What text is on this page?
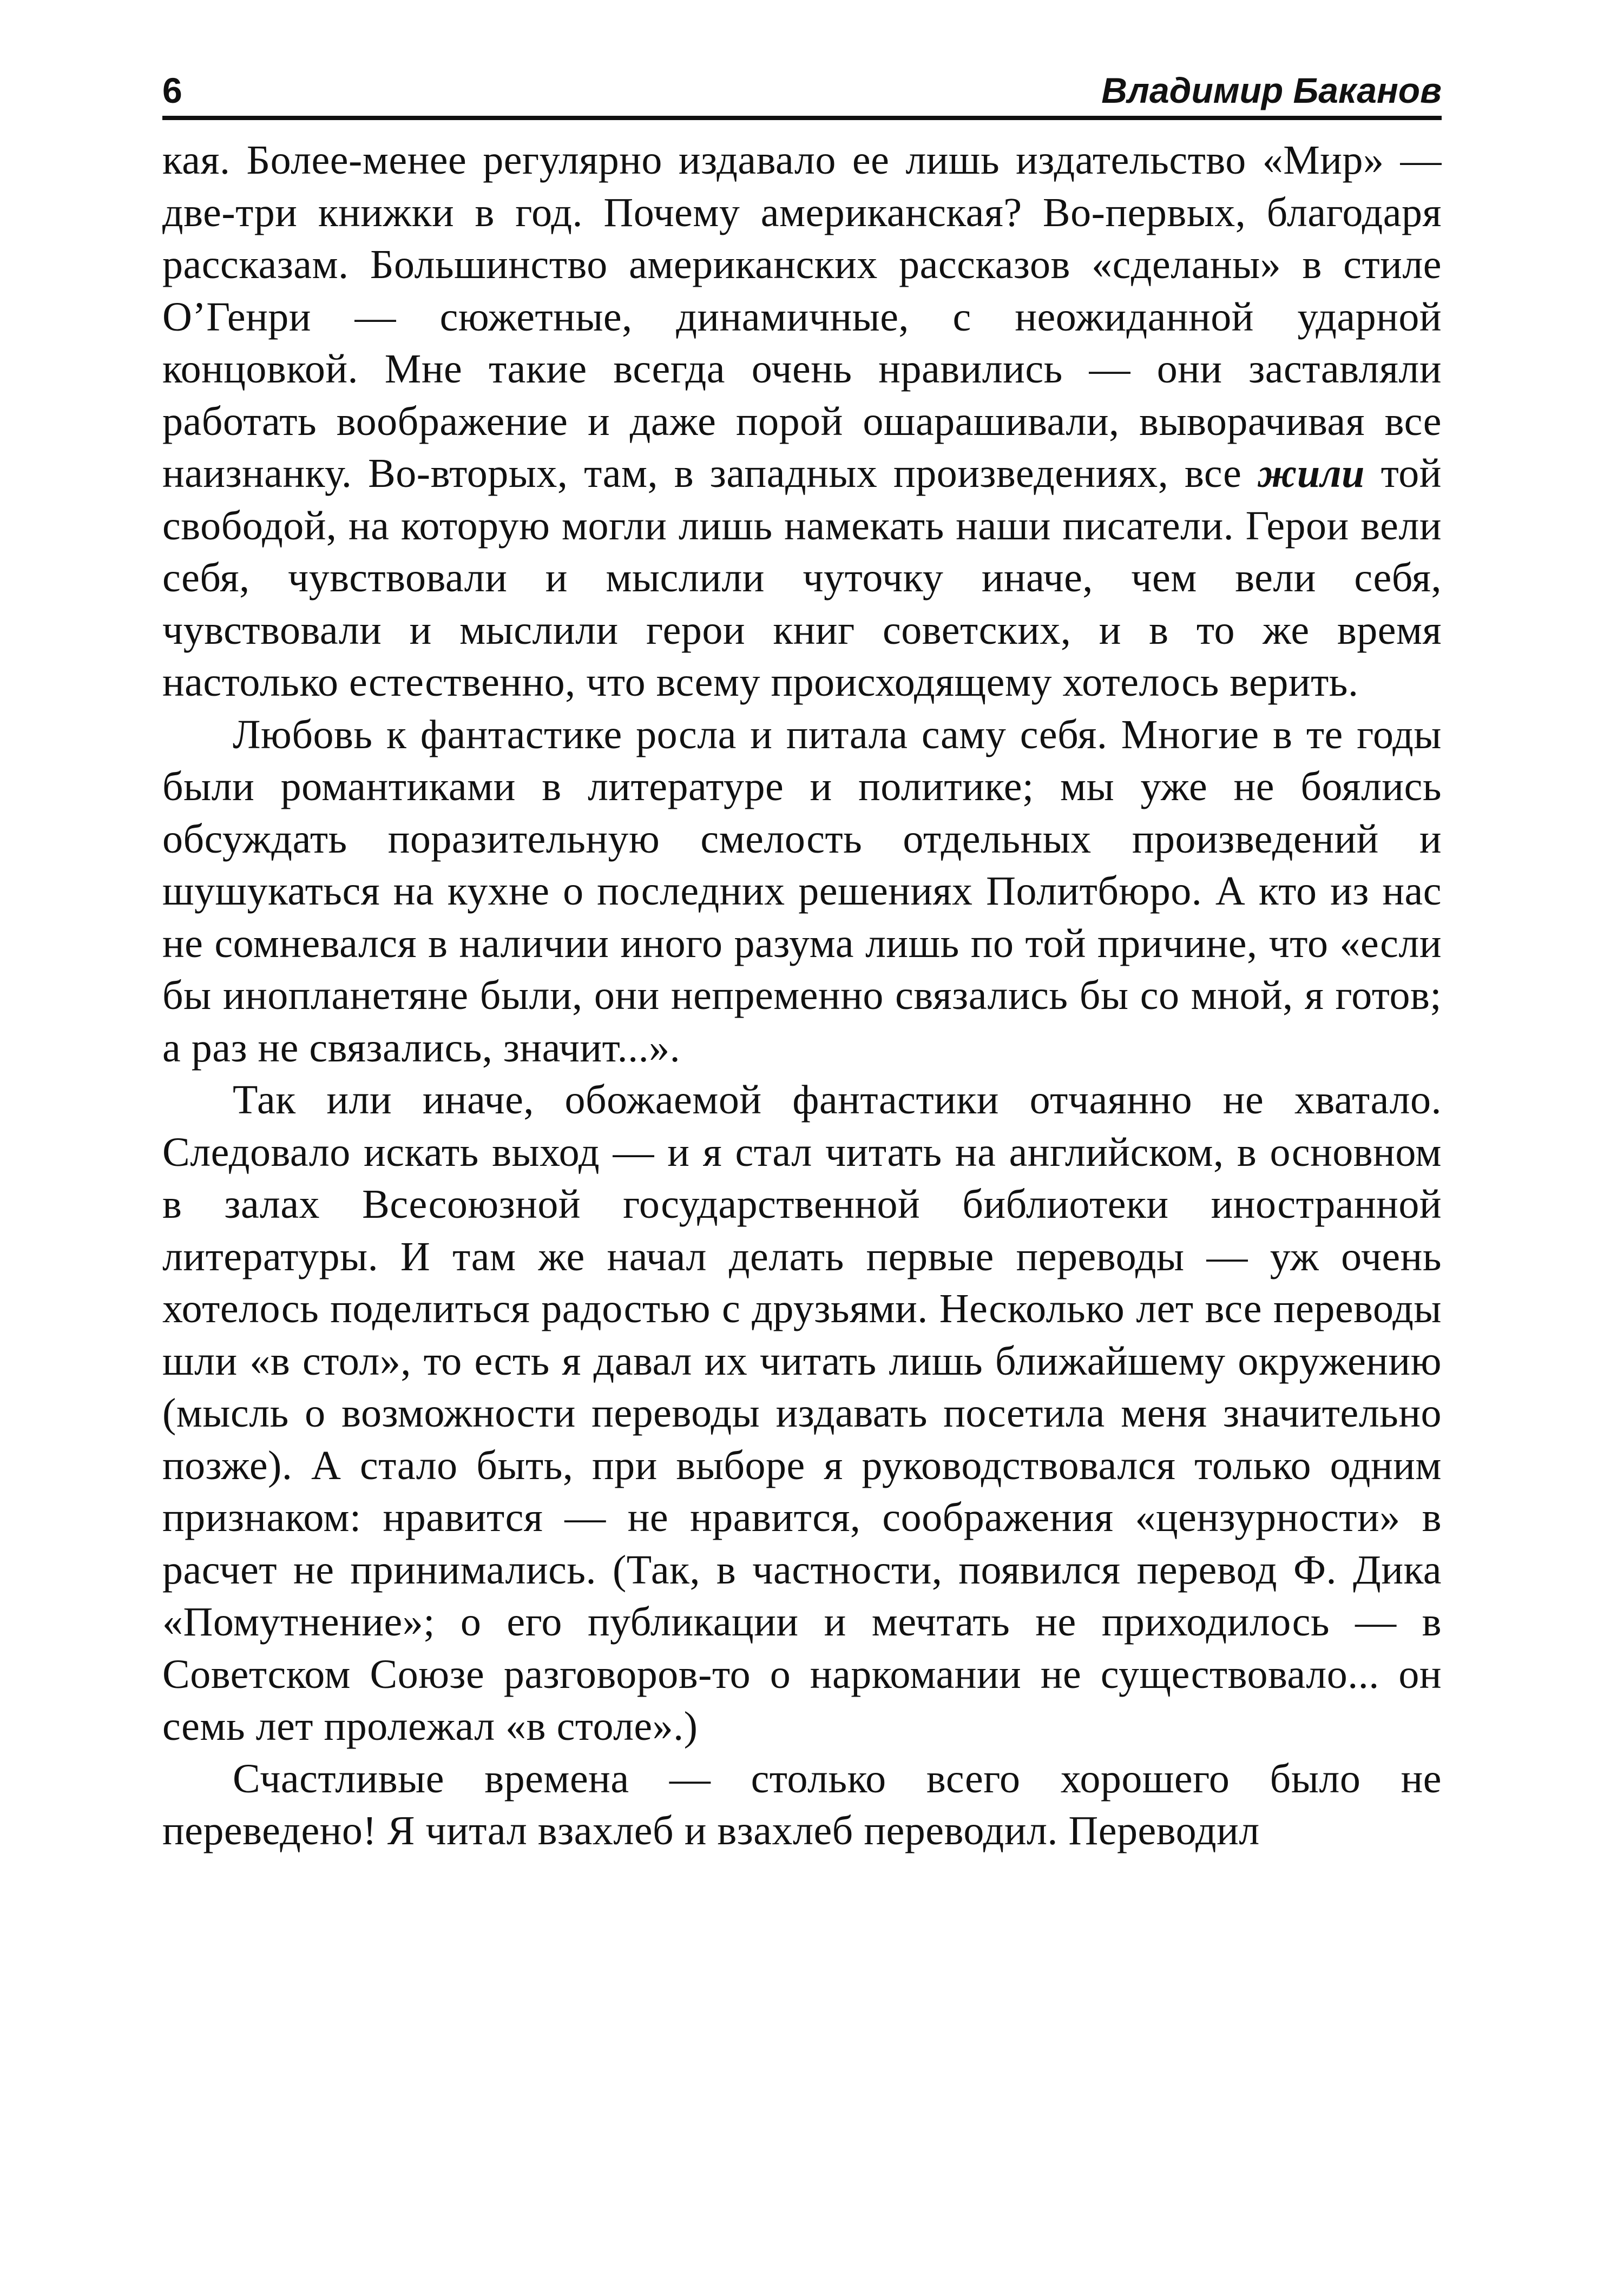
6	Владимир Баканов

кая. Более-менее регулярно издавало ее лишь издательство «Мир» — две-три книжки в год. Почему американская? Во-первых, благодаря рассказам. Большинство американских рассказов «сделаны» в стиле О’Генри — сюжетные, динамичные, с неожиданной ударной концовкой. Мне такие всегда очень нравились — они заставляли работать воображение и даже порой ошарашивали, выворачивая все наизнанку. Во-вторых, там, в западных произведениях, все жили той свободой, на которую могли лишь намекать наши писатели. Герои вели себя, чувствовали и мыслили чуточку иначе, чем вели себя, чувствовали и мыслили герои книг советских, и в то же время настолько естественно, что всему происходящему хотелось верить.

Любовь к фантастике росла и питала саму себя. Многие в те годы были романтиками в литературе и политике; мы уже не боялись обсуждать поразительную смелость отдельных произведений и шушукаться на кухне о последних решениях Политбюро. А кто из нас не сомневался в наличии иного разума лишь по той причине, что «если бы инопланетяне были, они непременно связались бы со мной, я готов; а раз не связались, значит...».

Так или иначе, обожаемой фантастики отчаянно не хватало. Следовало искать выход — и я стал читать на английском, в основном в залах Всесоюзной государственной библиотеки иностранной литературы. И там же начал делать первые переводы — уж очень хотелось поделиться радостью с друзьями. Несколько лет все переводы шли «в стол», то есть я давал их читать лишь ближайшему окружению (мысль о возможности переводы издавать посетила меня значительно позже). А стало быть, при выборе я руководствовался только одним признаком: нравится — не нравится, соображения «цензурности» в расчет не принимались. (Так, в частности, появился перевод Ф. Дика «Помутнение»; о его публикации и мечтать не приходилось — в Советском Союзе разговоров-то о наркомании не существовало... он семь лет пролежал «в столе».)

Счастливые времена — столько всего хорошего было не переведено! Я читал взахлеб и взахлеб переводил. Переводил
